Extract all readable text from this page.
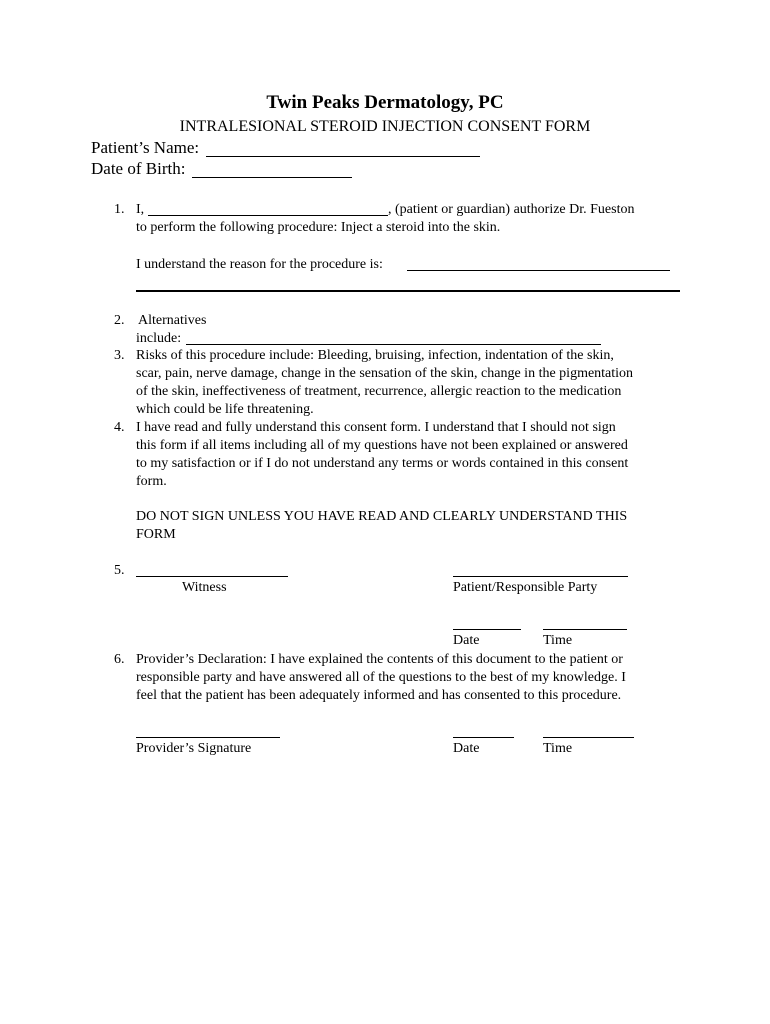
Twin Peaks Dermatology, PC
INTRALESIONAL STEROID INJECTION CONSENT FORM
Patient’s Name:
Date of Birth:
1. I,	, (patient or guardian) authorize Dr. Fueston
to perform the following procedure: Inject a steroid into the skin.
I understand the reason for the procedure is:
2. Alternatives
include:
3. Risks of this procedure include: Bleeding, bruising, infection, indentation of the skin,
scar, pain, nerve damage, change in the sensation of the skin, change in the pigmentation
of the skin, ineffectiveness of treatment, recurrence, allergic reaction to the medication
which could be life threatening.
4. I have read and fully understand this consent form. I understand that I should not sign
this form if all items including all of my questions have not been explained or answered
to my satisfaction or if I do not understand any terms or words contained in this consent
form.
DO NOT SIGN UNLESS YOU HAVE READ AND CLEARLY UNDERSTAND THIS
FORM
5.
Witness	Patient/Responsible Party
Date	Time
6. Provider’s Declaration: I have explained the contents of this document to the patient or
responsible party and have answered all of the questions to the best of my knowledge. I
feel that the patient has been adequately informed and has consented to this procedure.
Provider’s Signature	Date	Time
